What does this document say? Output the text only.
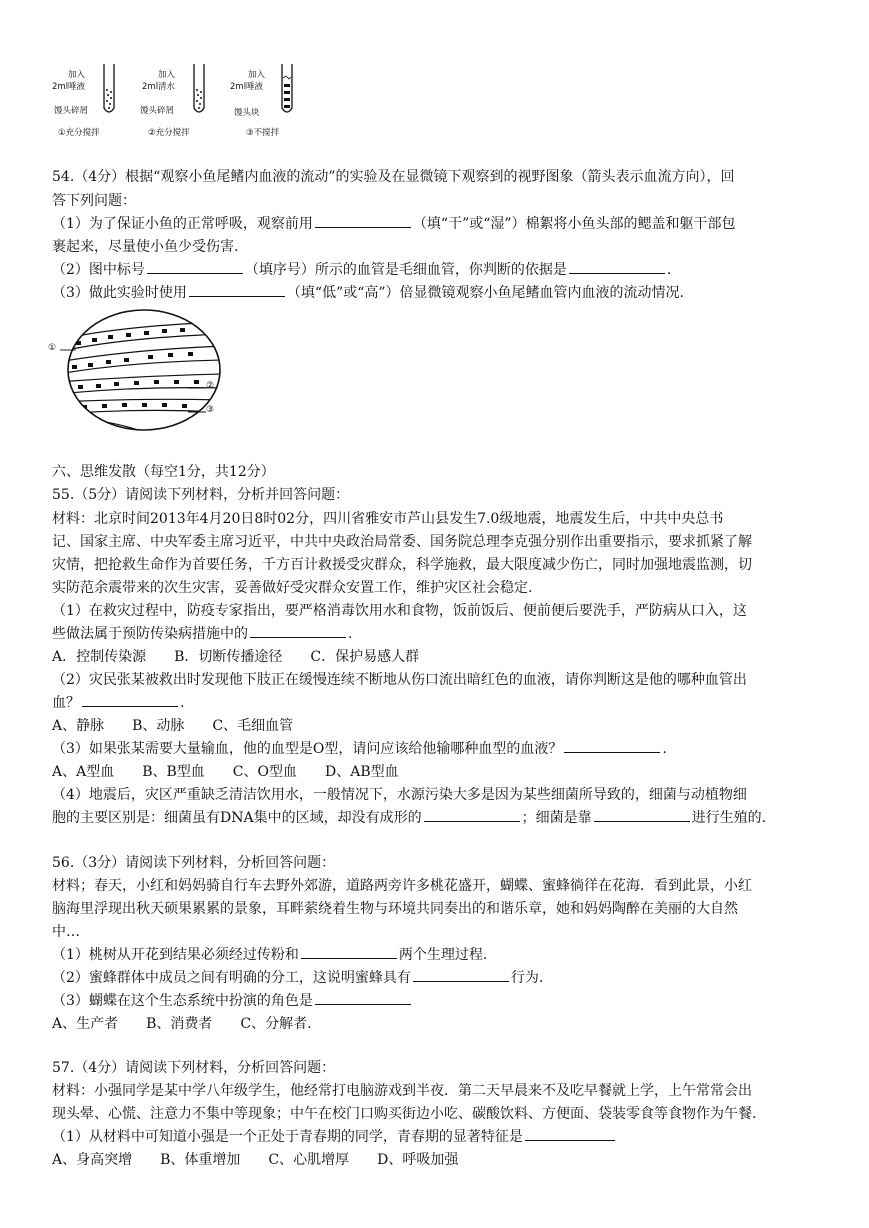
加入
2ml唾液
馒头碎屑
①充分搅拌
加入
2ml清水
馒头碎屑
②充分搅拌
加入
2ml唾液
馒头块
③不搅拌
54.（4分）根据“观察小鱼尾鳍内血液的流动”的实验及在显微镜下观察到的视野图象（箭头表示血流方向），回
答下列问题：
（1）为了保证小鱼的正常呼吸，观察前用	（填“干”或“湿”）棉絮将小鱼头部的鳃盖和躯干部包
裹起来，尽量使小鱼少受伤害.
（2）图中标号	（填序号）所示的血管是毛细血管，你判断的依据是	.
（3）做此实验时使用	（填“低”或“高”）倍显微镜观察小鱼尾鳍血管内血液的流动情况.
①
②
③
六、思维发散（每空1分，共12分）
55.（5分）请阅读下列材料，分析并回答问题：
材料：北京时间2013年4月20日8时02分，四川省雅安市芦山县发生7.0级地震，地震发生后，中共中央总书
记、国家主席、中央军委主席习近平，中共中央政治局常委、国务院总理李克强分别作出重要指示，要求抓紧了解
灾情，把抢救生命作为首要任务，千方百计救援受灾群众，科学施救，最大限度减少伤亡，同时加强地震监测，切
实防范余震带来的次生灾害，妥善做好受灾群众安置工作，维护灾区社会稳定.
（1）在救灾过程中，防疫专家指出，要严格消毒饮用水和食物，饭前饭后、便前便后要洗手，严防病从口入，这
些做法属于预防传染病措施中的	.
A．控制传染源　　B．切断传播途径　　C．保护易感人群
（2）灾民张某被救出时发现他下肢正在缓慢连续不断地从伤口流出暗红色的血液，请你判断这是他的哪种血管出
血？	.
A、静脉　　B、动脉　　C、毛细血管
（3）如果张某需要大量输血，他的血型是O型，请问应该给他输哪种血型的血液？	.
A、A型血　　B、B型血　　C、O型血　　D、AB型血
（4）地震后，灾区严重缺乏清洁饮用水，一般情况下，水源污染大多是因为某些细菌所导致的，细菌与动植物细
胞的主要区别是：细菌虽有DNA集中的区域，却没有成形的	；细菌是靠	进行生殖的.
56.（3分）请阅读下列材料，分析回答问题：
材料；春天，小红和妈妈骑自行车去野外郊游，道路两旁许多桃花盛开，蝴蝶、蜜蜂徜徉在花海．看到此景，小红
脑海里浮现出秋天硕果累累的景象，耳畔萦绕着生物与环境共同奏出的和谐乐章，她和妈妈陶醉在美丽的大自然
中…
（1）桃树从开花到结果必须经过传粉和	两个生理过程.
（2）蜜蜂群体中成员之间有明确的分工，这说明蜜蜂具有	行为.
（3）蝴蝶在这个生态系统中扮演的角色是
A、生产者　　B、消费者　　C、分解者.
57.（4分）请阅读下列材料，分析回答问题：
材料：小强同学是某中学八年级学生，他经常打电脑游戏到半夜．第二天早晨来不及吃早餐就上学，上午常常会出
现头晕、心慌、注意力不集中等现象；中午在校门口购买街边小吃、碳酸饮料、方便面、袋装零食等食物作为午餐.
（1）从材料中可知道小强是一个正处于青春期的同学，青春期的显著特征是
A、身高突增　　B、体重增加　　C、心肌增厚　　D、呼吸加强
